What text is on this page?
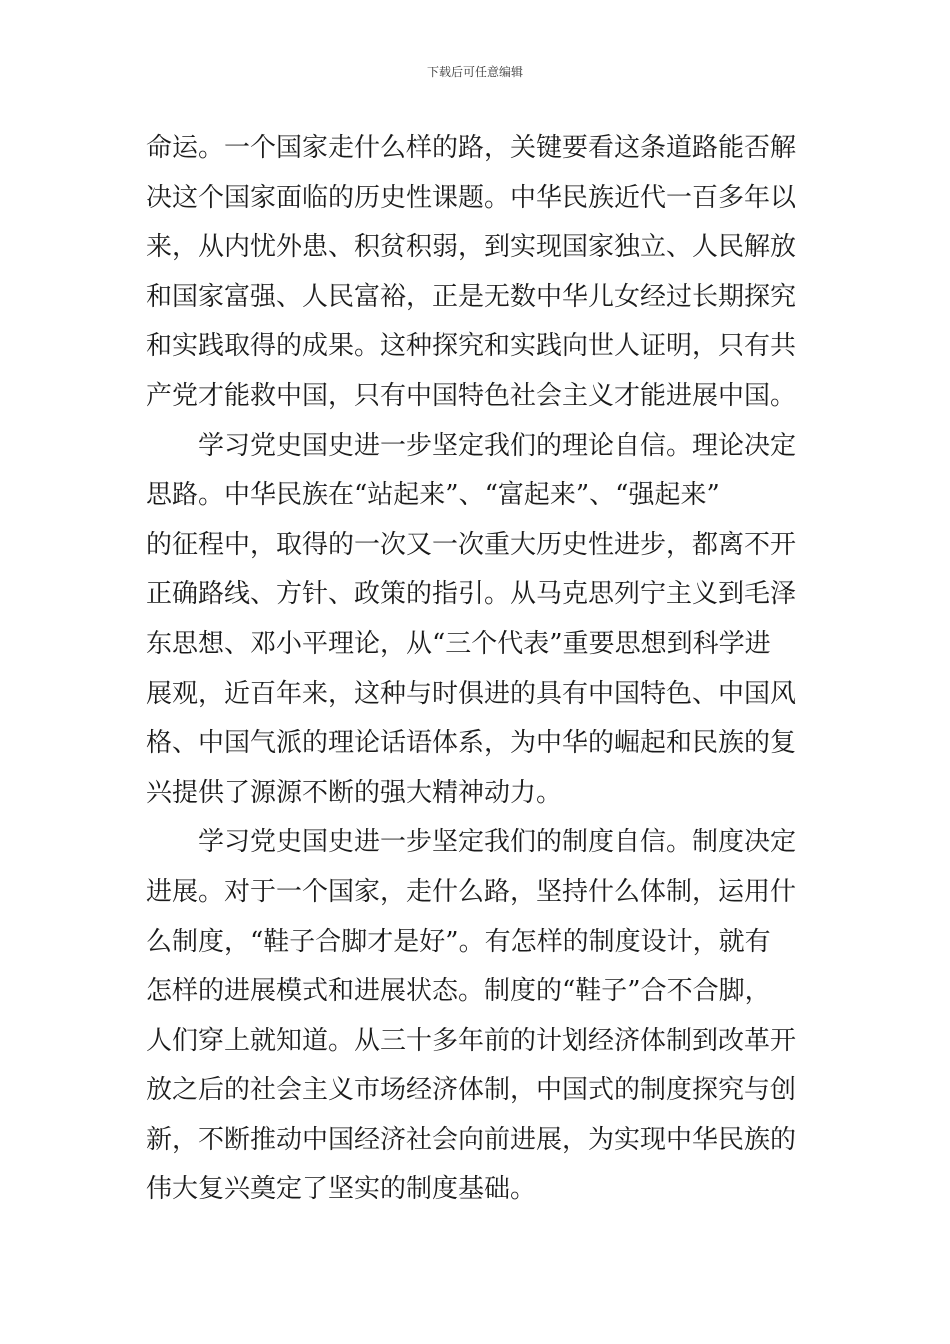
下载后可任意编辑
命运。一个国家走什么样的路，关键要看这条道路能否解
决这个国家面临的历史性课题。中华民族近代一百多年以
来，从内忧外患、积贫积弱，到实现国家独立、人民解放
和国家富强、人民富裕，正是无数中华儿女经过长期探究
和实践取得的成果。这种探究和实践向世人证明，只有共
产党才能救中国，只有中国特色社会主义才能进展中国。
学习党史国史进一步坚定我们的理论自信。理论决定
思路。中华民族在“站起来”、“富起来”、“强起来”
的征程中，取得的一次又一次重大历史性进步，都离不开
正确路线、方针、政策的指引。从马克思列宁主义到毛泽
东思想、邓小平理论，从“三个代表”重要思想到科学进
展观，近百年来，这种与时俱进的具有中国特色、中国风
格、中国气派的理论话语体系，为中华的崛起和民族的复
兴提供了源源不断的强大精神动力。
学习党史国史进一步坚定我们的制度自信。制度决定
进展。对于一个国家，走什么路，坚持什么体制，运用什
么制度，“鞋子合脚才是好”。有怎样的制度设计，就有
怎样的进展模式和进展状态。制度的“鞋子”合不合脚，
人们穿上就知道。从三十多年前的计划经济体制到改革开
放之后的社会主义市场经济体制，中国式的制度探究与创
新，不断推动中国经济社会向前进展，为实现中华民族的
伟大复兴奠定了坚实的制度基础。
